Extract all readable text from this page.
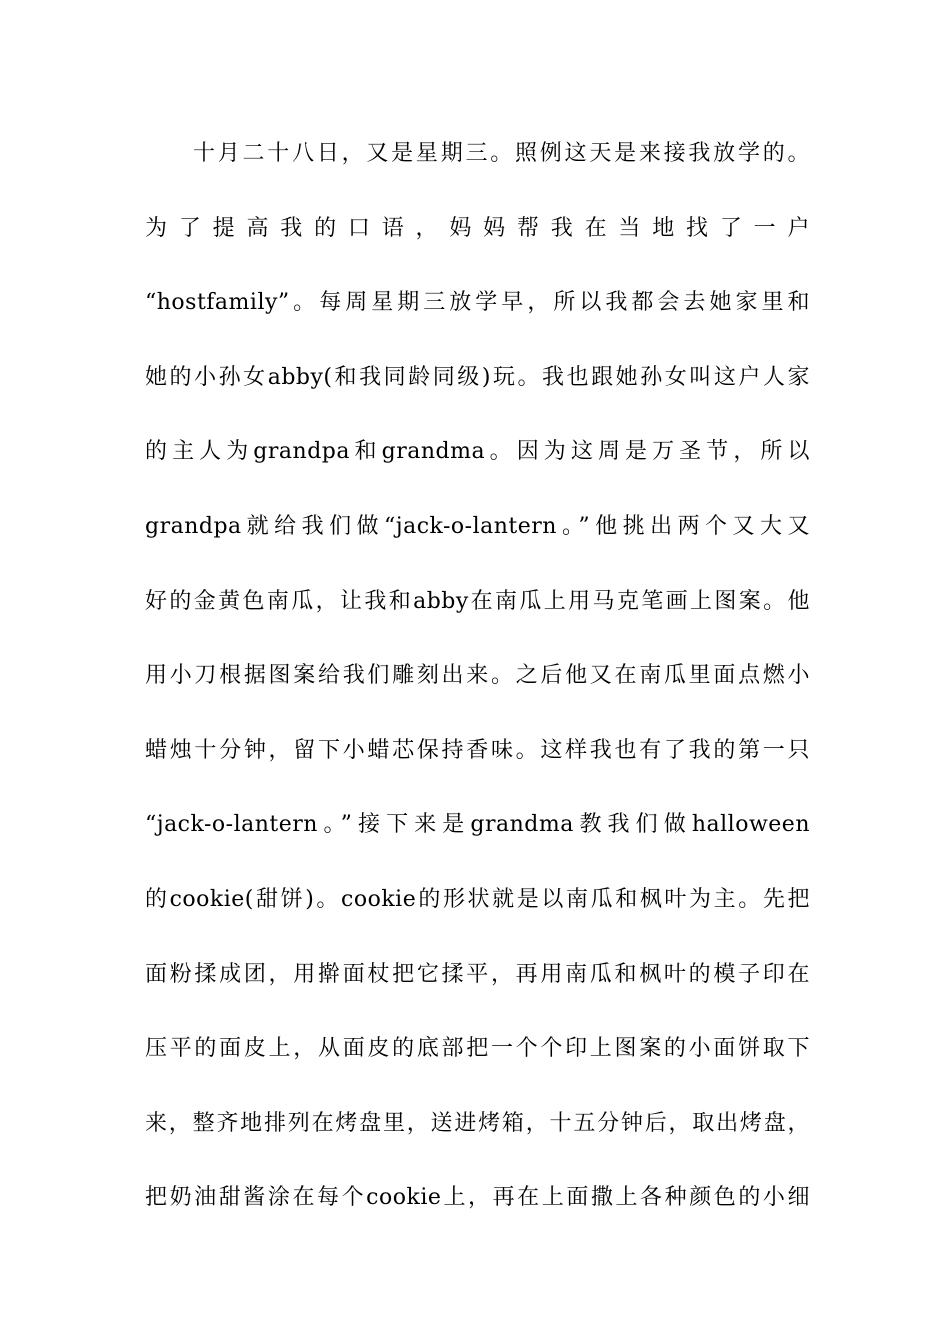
十月二十八日，又是星期三。照例这天是来接我放学的。
为了提高我的口语，妈妈帮我在当地找了一户
“hostfamily”。每周星期三放学早，所以我都会去她家里和
她的小孙女abby(和我同龄同级)玩。我也跟她孙女叫这户人家
的主人为grandpa和grandma。因为这周是万圣节，所以
grandpa就给我们做“jack-o-lantern。”他挑出两个又大又
好的金黄色南瓜，让我和abby在南瓜上用马克笔画上图案。他
用小刀根据图案给我们雕刻出来。之后他又在南瓜里面点燃小
蜡烛十分钟，留下小蜡芯保持香味。这样我也有了我的第一只
“jack-o-lantern。”接下来是grandma教我们做halloween
的cookie(甜饼)。cookie的形状就是以南瓜和枫叶为主。先把
面粉揉成团，用擀面杖把它揉平，再用南瓜和枫叶的模子印在
压平的面皮上，从面皮的底部把一个个印上图案的小面饼取下
来，整齐地排列在烤盘里，送进烤箱，十五分钟后，取出烤盘，
把奶油甜酱涂在每个cookie上，再在上面撒上各种颜色的小细
